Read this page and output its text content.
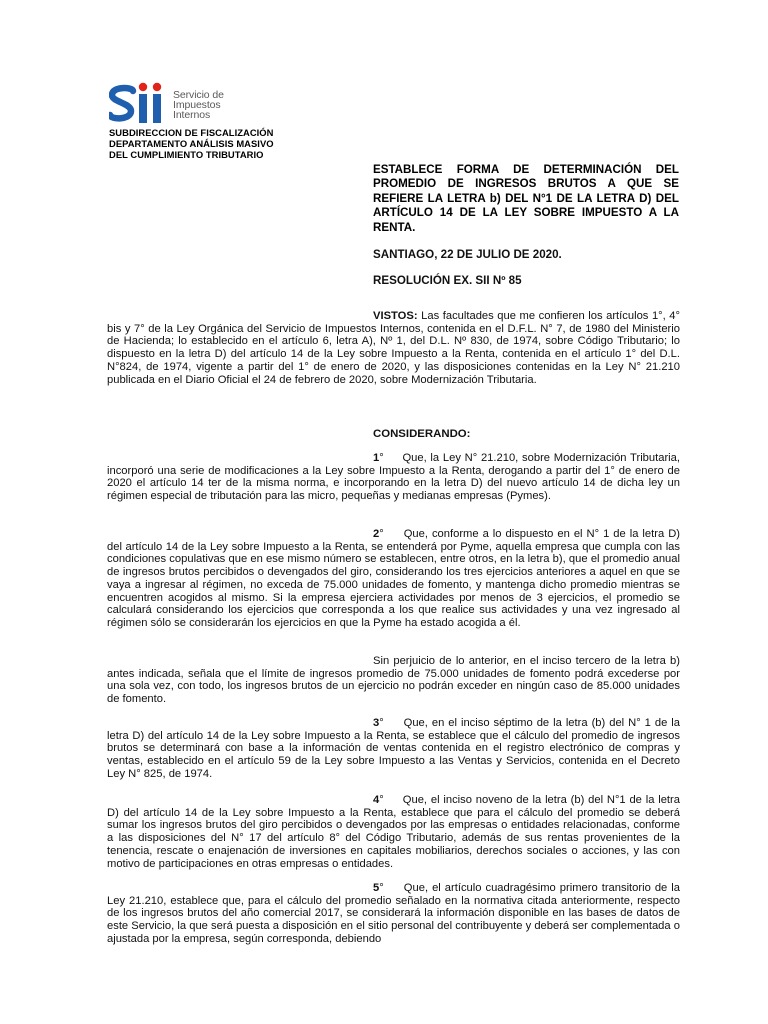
Servicio de
Impuestos
Internos
SUBDIRECCION DE FISCALIZACIÓN
DEPARTAMENTO ANÁLISIS MASIVO
DEL CUMPLIMIENTO TRIBUTARIO
ESTABLECE FORMA DE DETERMINACIÓN DEL PROMEDIO DE INGRESOS BRUTOS A QUE SE REFIERE LA LETRA b) DEL N°1 DE LA LETRA D) DEL ARTÍCULO 14 DE LA LEY SOBRE IMPUESTO A LA RENTA.
SANTIAGO, 22 DE JULIO DE 2020.
RESOLUCIÓN EX. SII Nº 85
VISTOS: Las facultades que me confieren los artículos 1°, 4° bis y 7° de la Ley Orgánica del Servicio de Impuestos Internos, contenida en el D.F.L. N° 7, de 1980 del Ministerio de Hacienda; lo establecido en el artículo 6, letra A), Nº 1, del D.L. Nº 830, de 1974, sobre Código Tributario; lo dispuesto en la letra D) del artículo 14 de la Ley sobre Impuesto a la Renta, contenida en el artículo 1° del D.L. N°824, de 1974, vigente a partir del 1° de enero de 2020, y las disposiciones contenidas en la Ley N° 21.210 publicada en el Diario Oficial el 24 de febrero de 2020, sobre Modernización Tributaria.
CONSIDERANDO:
1° Que, la Ley N° 21.210, sobre Modernización Tributaria, incorporó una serie de modificaciones a la Ley sobre Impuesto a la Renta, derogando a partir del 1° de enero de 2020 el artículo 14 ter de la misma norma, e incorporando en la letra D) del nuevo artículo 14 de dicha ley un régimen especial de tributación para las micro, pequeñas y medianas empresas (Pymes).
2° Que, conforme a lo dispuesto en el N° 1 de la letra D) del artículo 14 de la Ley sobre Impuesto a la Renta, se entenderá por Pyme, aquella empresa que cumpla con las condiciones copulativas que en ese mismo número se establecen, entre otros, en la letra b), que el promedio anual de ingresos brutos percibidos o devengados del giro, considerando los tres ejercicios anteriores a aquel en que se vaya a ingresar al régimen, no exceda de 75.000 unidades de fomento, y mantenga dicho promedio mientras se encuentren acogidos al mismo. Si la empresa ejerciera actividades por menos de 3 ejercicios, el promedio se calculará considerando los ejercicios que corresponda a los que realice sus actividades y una vez ingresado al régimen sólo se considerarán los ejercicios en que la Pyme ha estado acogida a él.
Sin perjuicio de lo anterior, en el inciso tercero de la letra b) antes indicada, señala que el límite de ingresos promedio de 75.000 unidades de fomento podrá excederse por una sola vez, con todo, los ingresos brutos de un ejercicio no podrán exceder en ningún caso de 85.000 unidades de fomento.
3° Que, en el inciso séptimo de la letra (b) del N° 1 de la letra D) del artículo 14 de la Ley sobre Impuesto a la Renta, se establece que el cálculo del promedio de ingresos brutos se determinará con base a la información de ventas contenida en el registro electrónico de compras y ventas, establecido en el artículo 59 de la Ley sobre Impuesto a las Ventas y Servicios, contenida en el Decreto Ley N° 825, de 1974.
4° Que, el inciso noveno de la letra (b) del N°1 de la letra D) del artículo 14 de la Ley sobre Impuesto a la Renta, establece que para el cálculo del promedio se deberá sumar los ingresos brutos del giro percibidos o devengados por las empresas o entidades relacionadas, conforme a las disposiciones del N° 17 del artículo 8° del Código Tributario, además de sus rentas provenientes de la tenencia, rescate o enajenación de inversiones en capitales mobiliarios, derechos sociales o acciones, y las con motivo de participaciones en otras empresas o entidades.
5° Que, el artículo cuadragésimo primero transitorio de la Ley 21.210, establece que, para el cálculo del promedio señalado en la normativa citada anteriormente, respecto de los ingresos brutos del año comercial 2017, se considerará la información disponible en las bases de datos de este Servicio, la que será puesta a disposición en el sitio personal del contribuyente y deberá ser complementada o ajustada por la empresa, según corresponda, debiendo
